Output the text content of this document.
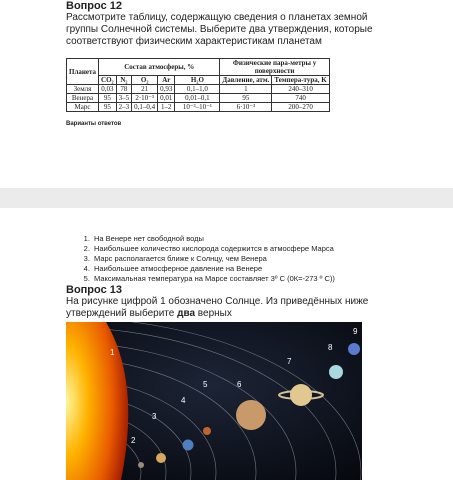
Вопрос 12

Рассмотрите таблицу, содержащую сведения о планетах земной группы Солнечной системы. Выберите два утверждения, которые соответствуют физическим характеристикам планетам

Планета	Состав атмосферы, %					Физические пара-метры у поверхности	
	CO₂	N₂	O₂	Ar	H₂O	Давление, атм.	Темпера-тура, K
Земля	0,03	78	21	0,93	0,1–1,0	1	240–310
Венера	95	3–5	2·10⁻³	0,01	0,01–0,1	95	740
Марс	95	2–3	0,1–0,4	1–2	10⁻³–10⁻¹	6·10⁻³	200–270
Варианты ответов
1. На Венере нет свободной воды
2. Наибольшее количество кислорода содержится в атмосфере Марса
3. Марс располагается ближе к Солнцу, чем Венера
4. Наибольшее атмосферное давление на Венере
5. Максимальная температура на Марсе составляет 3º С (0К=-273 º С))

Вопрос 13

На рисунке цифрой 1 обозначено Солнце. Из приведённых ниже утверждений выберите два верных

1
2
3
4
5	6
7
8
9
